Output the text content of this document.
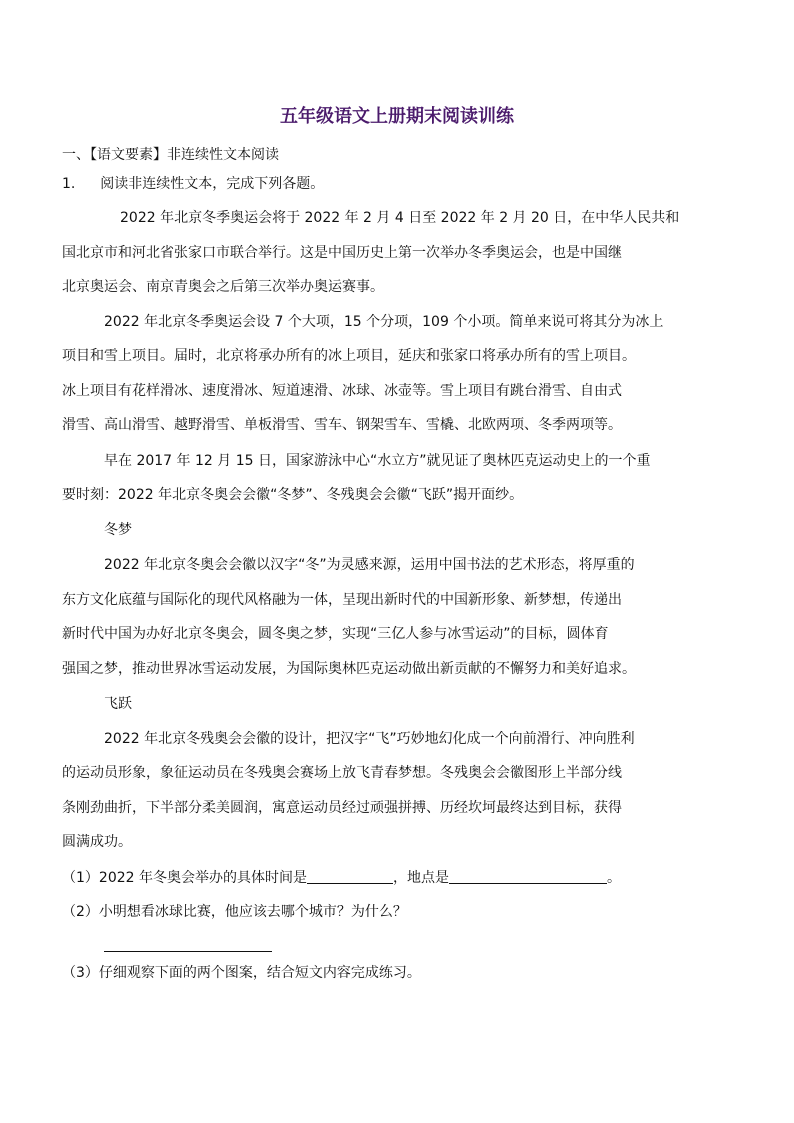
五年级语文上册期末阅读训练
一、【语文要素】非连续性文本阅读
1. 阅读非连续性文本，完成下列各题。
2022 年北京冬季奥运会将于 2022 年 2 月 4 日至 2022 年 2 月 20 日，在中华人民共和
国北京市和河北省张家口市联合举行。这是中国历史上第一次举办冬季奥运会，也是中国继
北京奥运会、南京青奥会之后第三次举办奥运赛事。
2022 年北京冬季奥运会设 7 个大项，15 个分项，109 个小项。简单来说可将其分为冰上
项目和雪上项目。届时，北京将承办所有的冰上项目，延庆和张家口将承办所有的雪上项目。
冰上项目有花样滑冰、速度滑冰、短道速滑、冰球、冰壶等。雪上项目有跳台滑雪、自由式
滑雪、高山滑雪、越野滑雪、单板滑雪、雪车、钢架雪车、雪橇、北欧两项、冬季两项等。
早在 2017 年 12 月 15 日，国家游泳中心“水立方”就见证了奥林匹克运动史上的一个重
要时刻：2022 年北京冬奥会会徽“冬梦”、冬残奥会会徽“飞跃”揭开面纱。
冬梦
2022 年北京冬奥会会徽以汉字“冬”为灵感来源，运用中国书法的艺术形态，将厚重的
东方文化底蕴与国际化的现代风格融为一体，呈现出新时代的中国新形象、新梦想，传递出
新时代中国为办好北京冬奥会，圆冬奥之梦，实现“三亿人参与冰雪运动”的目标，圆体育
强国之梦，推动世界冰雪运动发展，为国际奥林匹克运动做出新贡献的不懈努力和美好追求。
飞跃
2022 年北京冬残奥会会徽的设计，把汉字“飞”巧妙地幻化成一个向前滑行、冲向胜利
的运动员形象，象征运动员在冬残奥会赛场上放飞青春梦想。冬残奥会会徽图形上半部分线
条刚劲曲折，下半部分柔美圆润，寓意运动员经过顽强拼搏、历经坎坷最终达到目标，获得
圆满成功。
（1）2022 年冬奥会举办的具体时间是	，地点是	。
（2）小明想看冰球比赛，他应该去哪个城市？为什么？
（3）仔细观察下面的两个图案，结合短文内容完成练习。
